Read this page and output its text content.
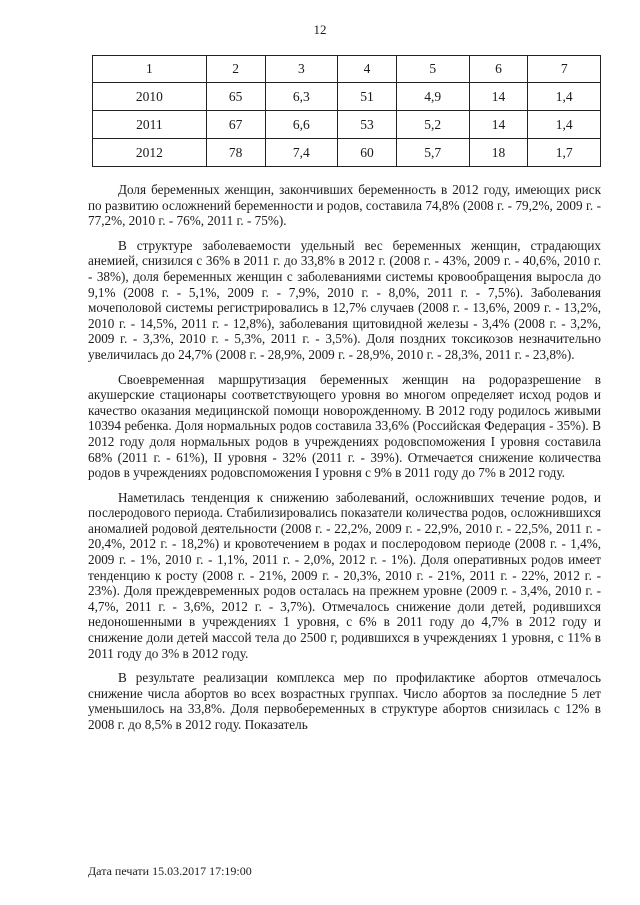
12
1	2	3	4	5	6	7
2010	65	6,3	51	4,9	14	1,4
2011	67	6,6	53	5,2	14	1,4
2012	78	7,4	60	5,7	18	1,7

Доля беременных женщин, закончивших беременность в 2012 году, имеющих риск по развитию осложнений беременности и родов, составила 74,8% (2008 г. - 79,2%, 2009 г. - 77,2%, 2010 г. - 76%, 2011 г. - 75%).

В структуре заболеваемости удельный вес беременных женщин, страдающих анемией, снизился с 36% в 2011 г. до 33,8% в 2012 г. (2008 г. - 43%, 2009 г. - 40,6%, 2010 г. - 38%), доля беременных женщин с заболеваниями системы кровообращения выросла до 9,1% (2008 г. - 5,1%, 2009 г. - 7,9%, 2010 г. - 8,0%, 2011 г. - 7,5%). Заболевания мочеполовой системы регистрировались в 12,7% случаев (2008 г. - 13,6%, 2009 г. - 13,2%, 2010 г. - 14,5%, 2011 г. - 12,8%), заболевания щитовидной железы - 3,4% (2008 г. - 3,2%, 2009 г. - 3,3%, 2010 г. - 5,3%, 2011 г. - 3,5%). Доля поздних токсикозов незначительно увеличилась до 24,7% (2008 г. - 28,9%, 2009 г. - 28,9%, 2010 г. - 28,3%, 2011 г. - 23,8%).

Своевременная маршрутизация беременных женщин на родоразрешение в акушерские стационары соответствующего уровня во многом определяет исход родов и качество оказания медицинской помощи новорожденному. В 2012 году родилось живыми 10394 ребенка. Доля нормальных родов составила 33,6% (Российская Федерация - 35%). В 2012 году доля нормальных родов в учреждениях родовспоможения I уровня составила 68% (2011 г. - 61%), II уровня - 32% (2011 г. - 39%). Отмечается снижение количества родов в учреждениях родовспоможения I уровня с 9% в 2011 году до 7% в 2012 году.

Наметилась тенденция к снижению заболеваний, осложнивших течение родов, и послеродового периода. Стабилизировались показатели количества родов, осложнившихся аномалией родовой деятельности (2008 г. - 22,2%, 2009 г. - 22,9%, 2010 г. - 22,5%, 2011 г. - 20,4%, 2012 г. - 18,2%) и кровотечением в родах и послеродовом периоде (2008 г. - 1,4%, 2009 г. - 1%, 2010 г. - 1,1%, 2011 г. - 2,0%, 2012 г. - 1%). Доля оперативных родов имеет тенденцию к росту (2008 г. - 21%, 2009 г. - 20,3%, 2010 г. - 21%, 2011 г. - 22%, 2012 г. - 23%). Доля преждевременных родов осталась на прежнем уровне (2009 г. - 3,4%, 2010 г. - 4,7%, 2011 г. - 3,6%, 2012 г. - 3,7%). Отмечалось снижение доли детей, родившихся недоношенными в учреждениях 1 уровня, с 6% в 2011 году до 4,7% в 2012 году и снижение доли детей массой тела до 2500 г, родившихся в учреждениях 1 уровня, с 11% в 2011 году до 3% в 2012 году.

В результате реализации комплекса мер по профилактике абортов отмечалось снижение числа абортов во всех возрастных группах. Число абортов за последние 5 лет уменьшилось на 33,8%. Доля первобеременных в структуре абортов снизилась с 12% в 2008 г. до 8,5% в 2012 году. Показатель

Дата печати 15.03.2017 17:19:00
